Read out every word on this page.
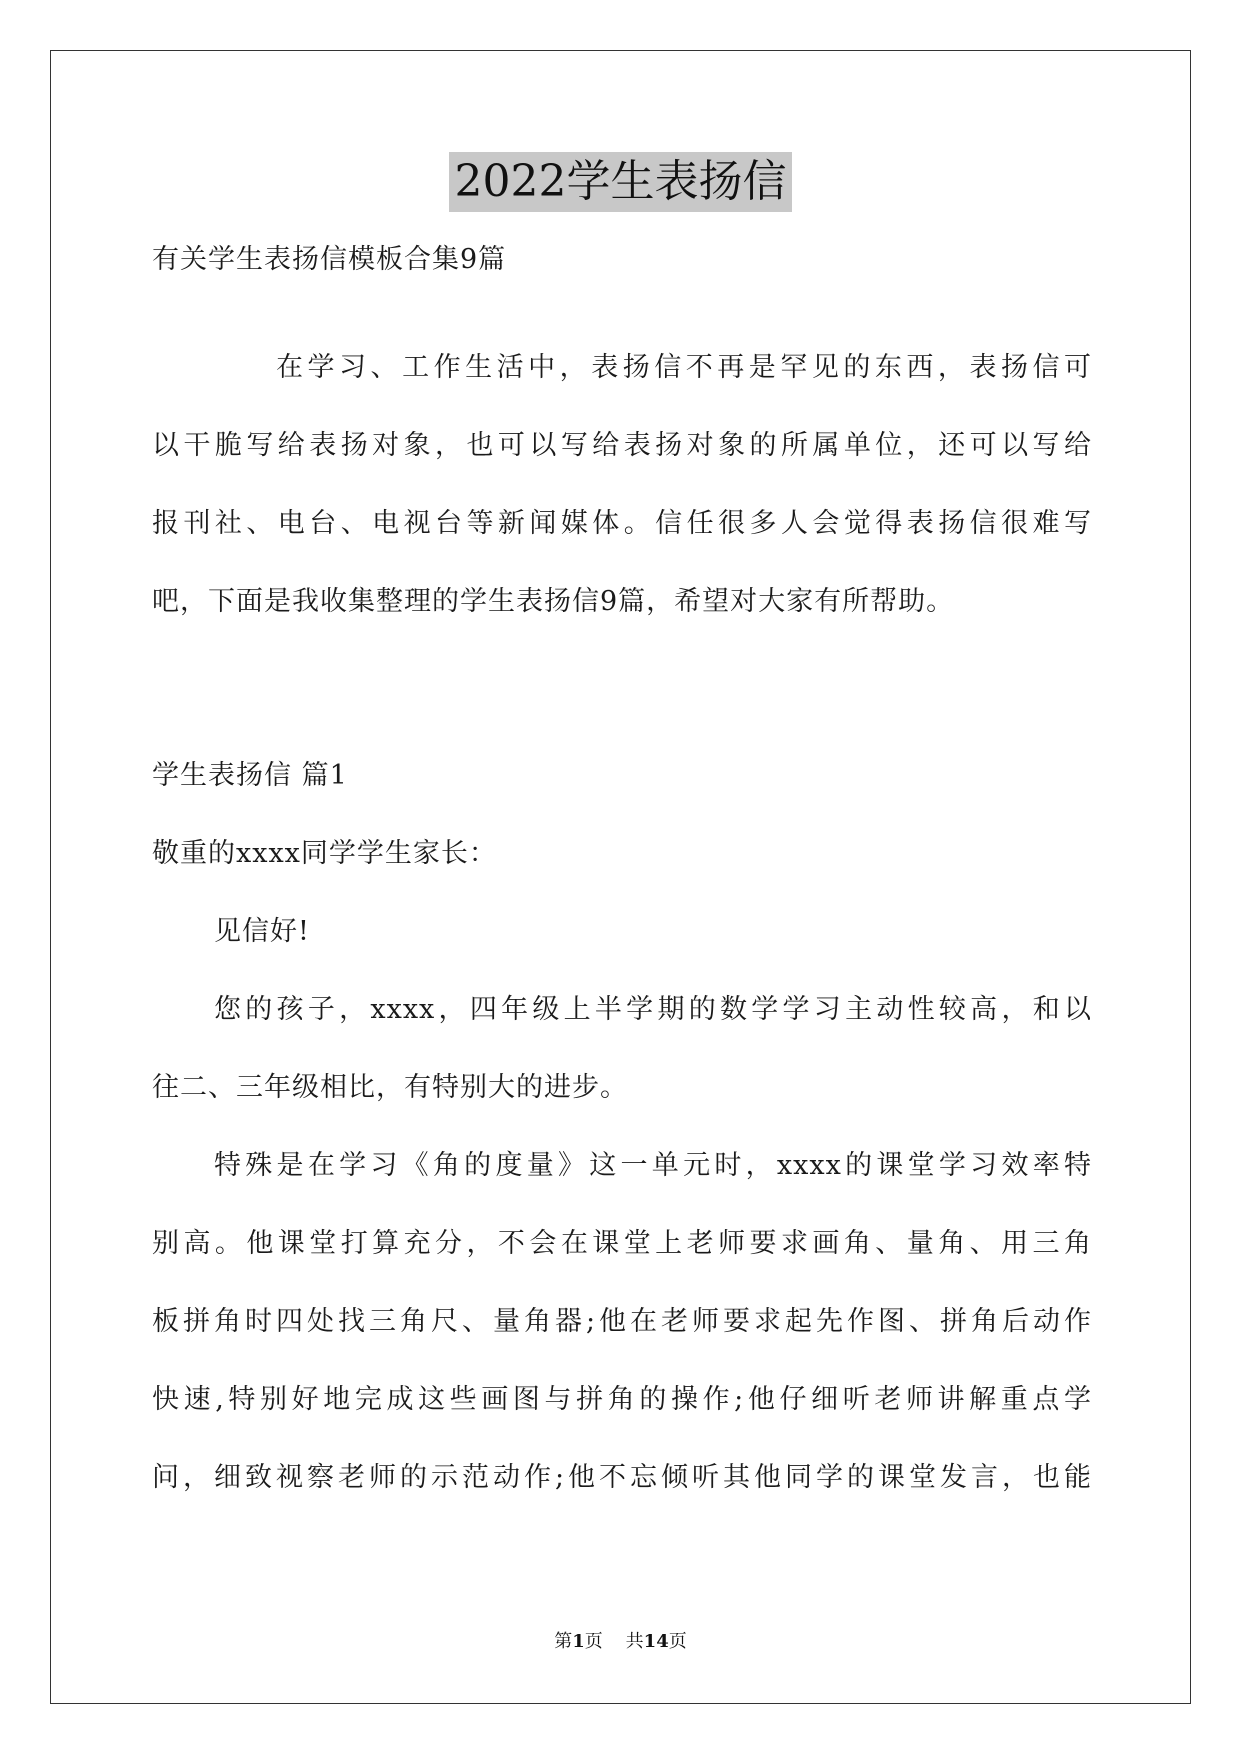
2022学生表扬信
有关学生表扬信模板合集9篇
在学习、工作生活中，表扬信不再是罕见的东西，表扬信可
以干脆写给表扬对象，也可以写给表扬对象的所属单位，还可以写给
报刊社、电台、电视台等新闻媒体。信任很多人会觉得表扬信很难写
吧，下面是我收集整理的学生表扬信9篇，希望对大家有所帮助。
学生表扬信 篇1
敬重的xxxx同学学生家长：
见信好!
您的孩子，xxxx，四年级上半学期的数学学习主动性较高，和以
往二、三年级相比，有特别大的进步。
特殊是在学习《角的度量》这一单元时，xxxx的课堂学习效率特
别高。他课堂打算充分，不会在课堂上老师要求画角、量角、用三角
板拼角时四处找三角尺、量角器;他在老师要求起先作图、拼角后动作
快速,特别好地完成这些画图与拼角的操作;他仔细听老师讲解重点学
问，细致视察老师的示范动作;他不忘倾听其他同学的课堂发言，也能
第1页    共14页
